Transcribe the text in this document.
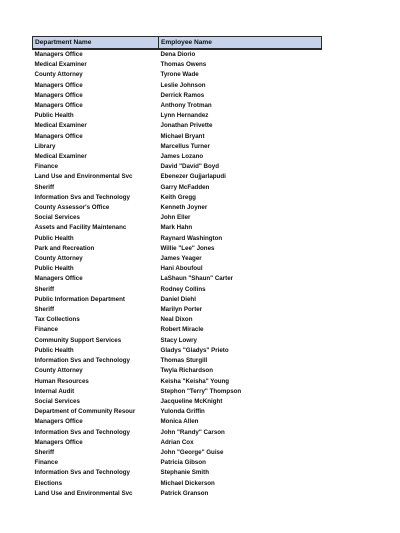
Department Name	Employee Name
Managers Office	Dena Diorio
Medical Examiner	Thomas Owens
County Attorney	Tyrone Wade
Managers Office	Leslie Johnson
Managers Office	Derrick Ramos
Managers Office	Anthony Trotman
Public Health	Lynn Hernandez
Medical Examiner	Jonathan Privette
Managers Office	Michael Bryant
Library	Marcellus Turner
Medical Examiner	James Lozano
Finance	David "David" Boyd
Land Use and Environmental Svc	Ebenezer Gujjarlapudi
Sheriff	Garry McFadden
Information Svs and Technology	Keith Gregg
County Assessor's Office	Kenneth Joyner
Social Services	John Eller
Assets and Facility Maintenanc	Mark Hahn
Public Health	Raynard Washington
Park and Recreation	Willie "Lee" Jones
County Attorney	James Yeager
Public Health	Hani Aboufoul
Managers Office	LaShaun "Shaun" Carter
Sheriff	Rodney Collins
Public Information Department	Daniel Diehl
Sheriff	Marilyn Porter
Tax Collections	Neal Dixon
Finance	Robert Miracle
Community Support Services	Stacy Lowry
Public Health	Gladys "Gladys" Prieto
Information Svs and Technology	Thomas Sturgill
County Attorney	Twyla Richardson
Human Resources	Keisha "Keisha" Young
Internal Audit	Stephon "Terry" Thompson
Social Services	Jacqueline McKnight
Department of Community Resour	Yulonda Griffin
Managers Office	Monica Allen
Information Svs and Technology	John "Randy" Carson
Managers Office	Adrian Cox
Sheriff	John "George" Guise
Finance	Patricia Gibson
Information Svs and Technology	Stephanie Smith
Elections	Michael Dickerson
Land Use and Environmental Svc	Patrick Granson
